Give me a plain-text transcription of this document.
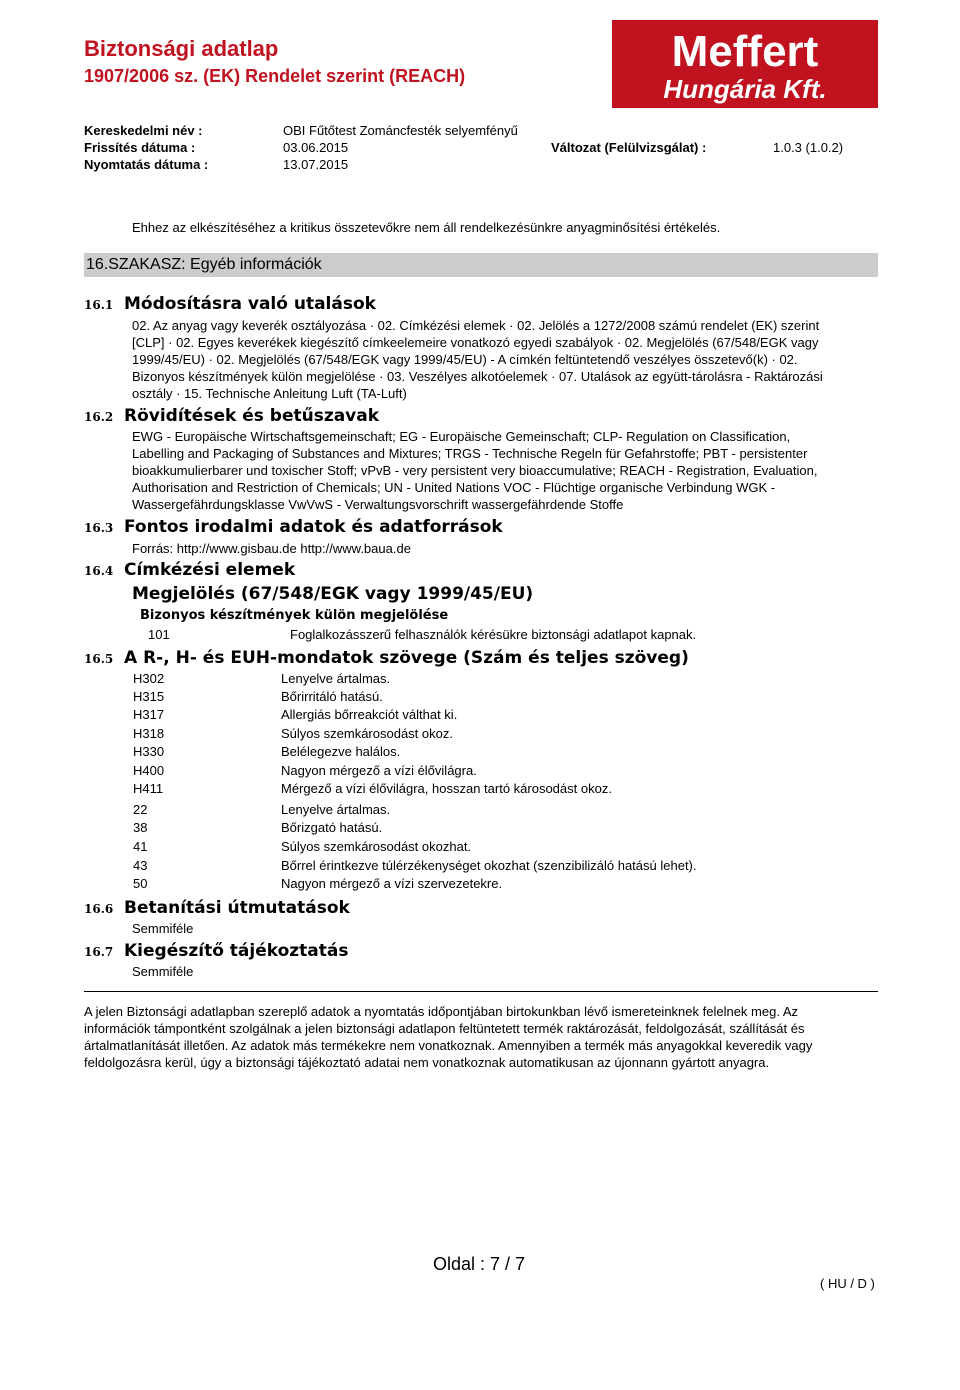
Biztonsági adatlap
1907/2006 sz. (EK) Rendelet szerint (REACH)	Meffert
Hungária Kft.
Kereskedelmi név :	OBI Fűtőtest Zománcfesték selyemfényű
Frissítés dátuma :	03.06.2015	Változat (Felülvizsgálat) :	1.0.3 (1.0.2)
Nyomtatás dátuma :	13.07.2015
Ehhez az elkészítéséhez a kritikus összetevőkre nem áll rendelkezésünkre anyagminősítési értékelés.
16.SZAKASZ: Egyéb információk
16.1 Módosításra való utalások
02. Az anyag vagy keverék osztályozása · 02. Címkézési elemek · 02. Jelölés a 1272/2008 számú rendelet (EK) szerint
[CLP] · 02. Egyes keverékek kiegészítő címkeelemeire vonatkozó egyedi szabályok · 02. Megjelölés (67/548/EGK vagy
1999/45/EU) · 02. Megjelölés (67/548/EGK vagy 1999/45/EU) - A címkén feltüntetendő veszélyes összetevő(k) · 02.
Bizonyos készítmények külön megjelölése · 03. Veszélyes alkotóelemek · 07. Utalások az együtt-tárolásra - Raktározási
osztály · 15. Technische Anleitung Luft (TA-Luft)
16.2 Rövidítések és betűszavak
EWG - Europäische Wirtschaftsgemeinschaft; EG - Europäische Gemeinschaft; CLP- Regulation on Classification,
Labelling and Packaging of Substances and Mixtures; TRGS - Technische Regeln für Gefahrstoffe; PBT - persistenter
bioakkumulierbarer und toxischer Stoff; vPvB - very persistent very bioaccumulative; REACH - Registration, Evaluation,
Authorisation and Restriction of Chemicals; UN - United Nations VOC - Flüchtige organische Verbindung WGK -
Wassergefährdungsklasse VwVwS - Verwaltungsvorschrift wassergefährdende Stoffe
16.3 Fontos irodalmi adatok és adatforrások
Forrás: http://www.gisbau.de http://www.baua.de
16.4 Címkézési elemek
Megjelölés (67/548/EGK vagy 1999/45/EU)
Bizonyos készítmények külön megjelölése
101	Foglalkozásszerű felhasználók kérésükre biztonsági adatlapot kapnak.
16.5 A R-, H- és EUH-mondatok szövege (Szám és teljes szöveg)
H302	Lenyelve ártalmas.
H315	Bőrirritáló hatású.
H317	Allergiás bőrreakciót válthat ki.
H318	Súlyos szemkárosodást okoz.
H330	Belélegezve halálos.
H400	Nagyon mérgező a vízi élővilágra.
H411	Mérgező a vízi élővilágra, hosszan tartó károsodást okoz.
22	Lenyelve ártalmas.
38	Bőrizgató hatású.
41	Súlyos szemkárosodást okozhat.
43	Bőrrel érintkezve túlérzékenységet okozhat (szenzibilizáló hatású lehet).
50	Nagyon mérgező a vízi szervezetekre.
16.6 Betanítási útmutatások
Semmiféle
16.7 Kiegészítő tájékoztatás
Semmiféle
A jelen Biztonsági adatlapban szereplő adatok a nyomtatás időpontjában birtokunkban lévő ismereteinknek felelnek meg. Az
információk támpontként szolgálnak a jelen biztonsági adatlapon feltüntetett termék raktározását, feldolgozását, szállítását és
ártalmatlanítását illetően. Az adatok más termékekre nem vonatkoznak. Amennyiben a termék más anyagokkal keveredik vagy
feldolgozásra kerül, úgy a biztonsági tájékoztató adatai nem vonatkoznak automatikusan az újonnann gyártott anyagra.
Oldal : 7 / 7
( HU / D )
